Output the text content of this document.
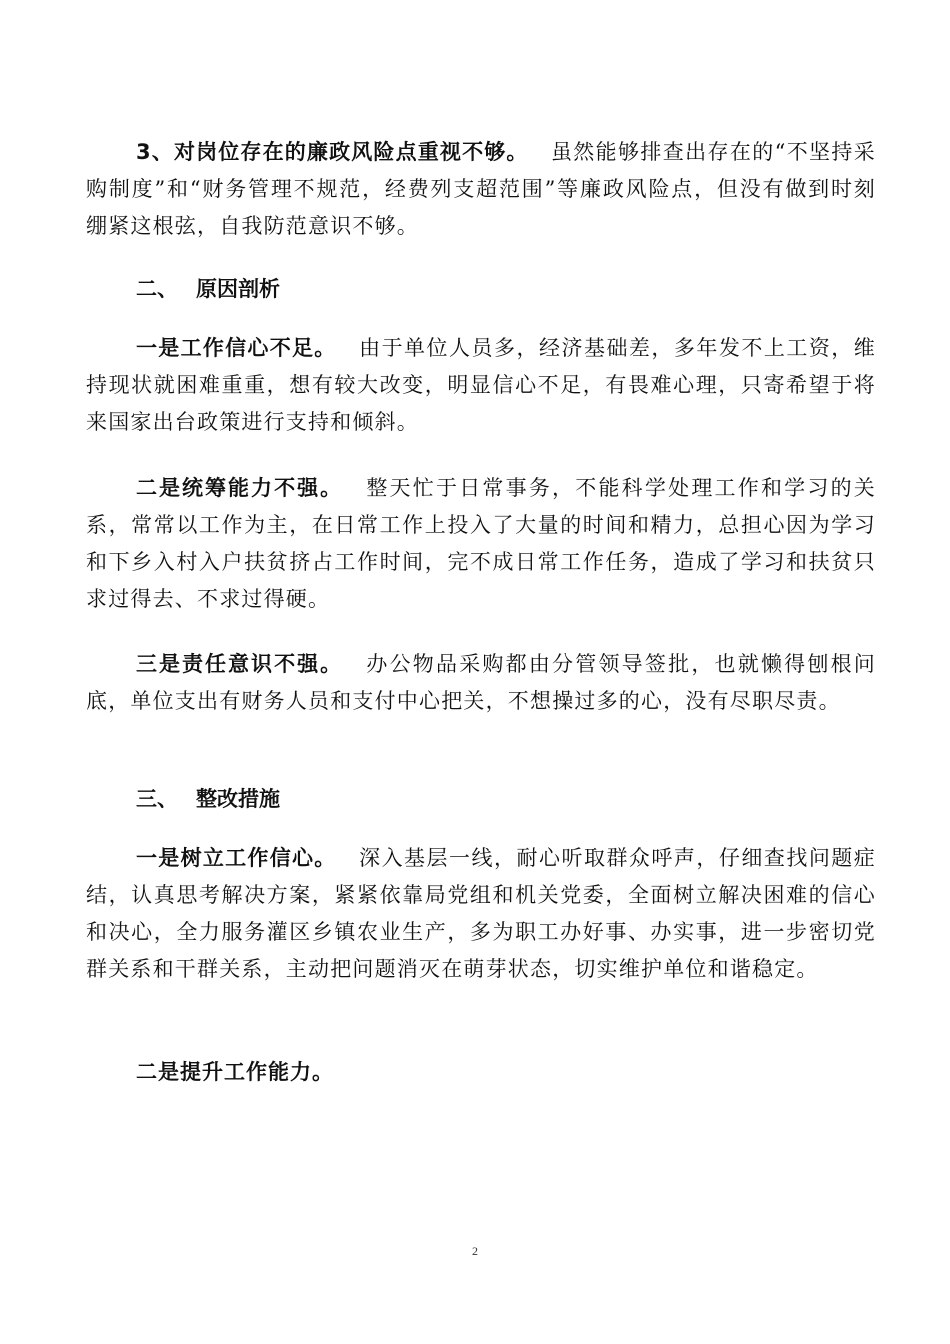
3、对岗位存在的廉政风险点重视不够。  虽然能够排查出存在的“不坚持采购制度”和“财务管理不规范，经费列支超范围”等廉政风险点，但没有做到时刻绷紧这根弦，自我防范意识不够。

二、 原因剖析

一是工作信心不足。  由于单位人员多，经济基础差，多年发不上工资，维持现状就困难重重，想有较大改变，明显信心不足，有畏难心理，只寄希望于将来国家出台政策进行支持和倾斜。

二是统筹能力不强。  整天忙于日常事务，不能科学处理工作和学习的关系，常常以工作为主，在日常工作上投入了大量的时间和精力，总担心因为学习和下乡入村入户扶贫挤占工作时间，完不成日常工作任务，造成了学习和扶贫只求过得去、不求过得硬。

三是责任意识不强。  办公物品采购都由分管领导签批，也就懒得刨根问底，单位支出有财务人员和支付中心把关，不想操过多的心，没有尽职尽责。

三、 整改措施

一是树立工作信心。  深入基层一线，耐心听取群众呼声，仔细查找问题症结，认真思考解决方案，紧紧依靠局党组和机关党委，全面树立解决困难的信心和决心，全力服务灌区乡镇农业生产，多为职工办好事、办实事，进一步密切党群关系和干群关系，主动把问题消灭在萌芽状态，切实维护单位和谐稳定。

二是提升工作能力。

2
